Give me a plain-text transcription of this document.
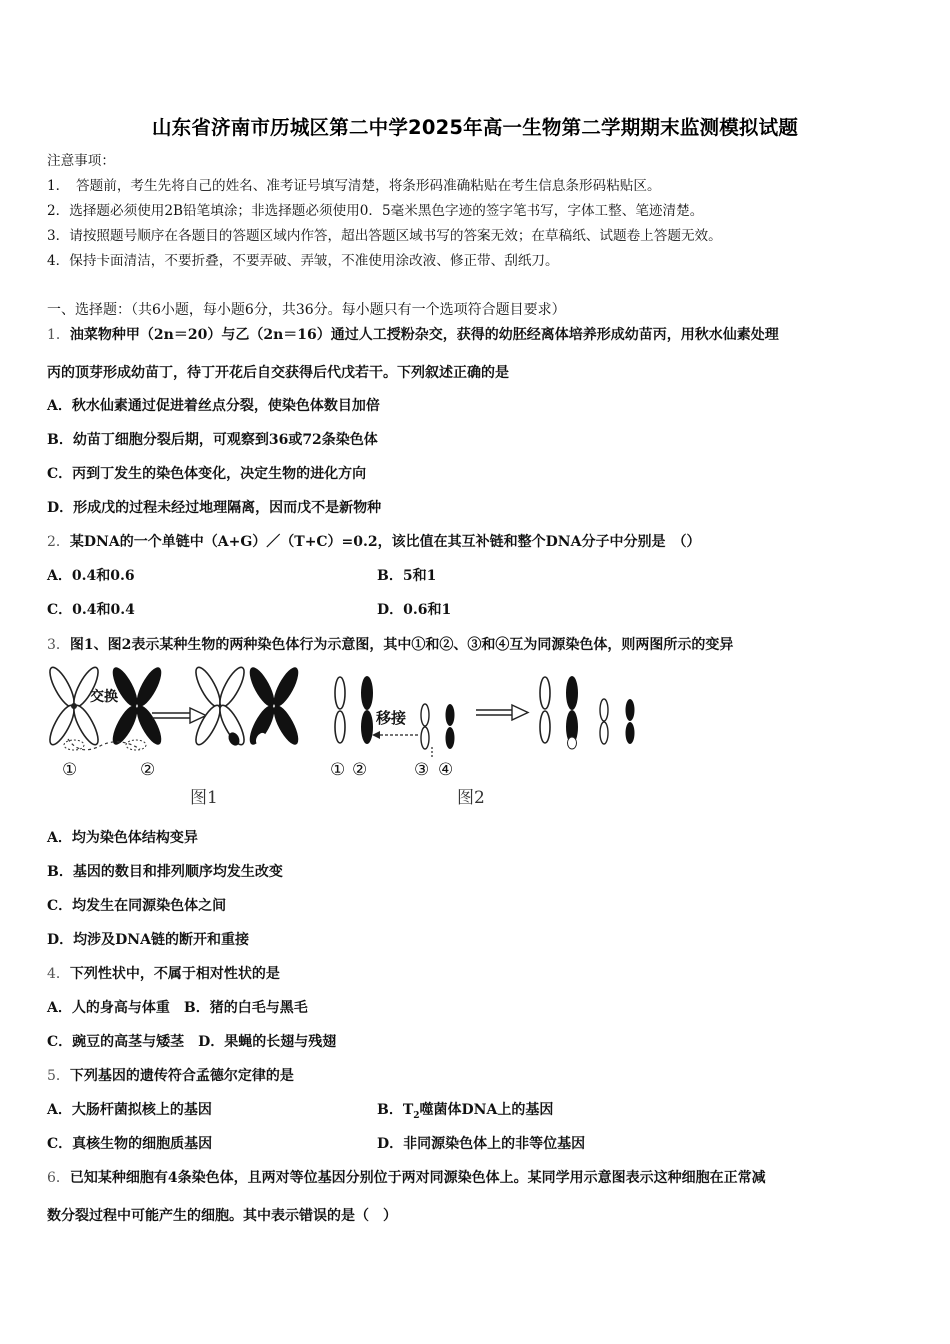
山东省济南市历城区第二中学2025年高一生物第二学期期末监测模拟试题
注意事项：
1．　答题前，考生先将自己的姓名、准考证号填写清楚，将条形码准确粘贴在考生信息条形码粘贴区。
2．选择题必须使用2B铅笔填涂；非选择题必须使用0．5毫米黑色字迹的签字笔书写，字体工整、笔迹清楚。
3．请按照题号顺序在各题目的答题区域内作答，超出答题区域书写的答案无效；在草稿纸、试题卷上答题无效。
4．保持卡面清洁，不要折叠，不要弄破、弄皱，不准使用涂改液、修正带、刮纸刀。
一、选择题：（共6小题，每小题6分，共36分。每小题只有一个选项符合题目要求）
1．油菜物种甲（2n＝20）与乙（2n＝16）通过人工授粉杂交，获得的幼胚经离体培养形成幼苗丙，用秋水仙素处理
丙的顶芽形成幼苗丁，待丁开花后自交获得后代戊若干。下列叙述正确的是
A．秋水仙素通过促进着丝点分裂，使染色体数目加倍
B．幼苗丁细胞分裂后期，可观察到36或72条染色体
C．丙到丁发生的染色体变化，决定生物的进化方向
D．形成戊的过程未经过地理隔离，因而戊不是新物种
2．某DNA的一个单链中（A+G）／（T+C）=0.2，该比值在其互补链和整个DNA分子中分别是　（）
A．0.4和0.6	B．5和1
C．0.4和0.4	D．0.6和1
3．图1、图2表示某种生物的两种染色体行为示意图，其中①和②、③和④互为同源染色体，则两图所示的变异
交换
①	②
图1
移接
① ②	③ ④
图2
A．均为染色体结构变异
B．基因的数目和排列顺序均发生改变
C．均发生在同源染色体之间
D．均涉及DNA链的断开和重接
4．下列性状中，不属于相对性状的是
A．人的身高与体重　B．猪的白毛与黑毛
C．豌豆的高茎与矮茎　D．果蝇的长翅与残翅
5．下列基因的遗传符合孟德尔定律的是
A．大肠杆菌拟核上的基因	B．$T_2$噬菌体DNA上的基因
C．真核生物的细胞质基因	D．非同源染色体上的非等位基因
6．已知某种细胞有4条染色体，且两对等位基因分别位于两对同源染色体上。某同学用示意图表示这种细胞在正常减
数分裂过程中可能产生的细胞。其中表示错误的是（　）
